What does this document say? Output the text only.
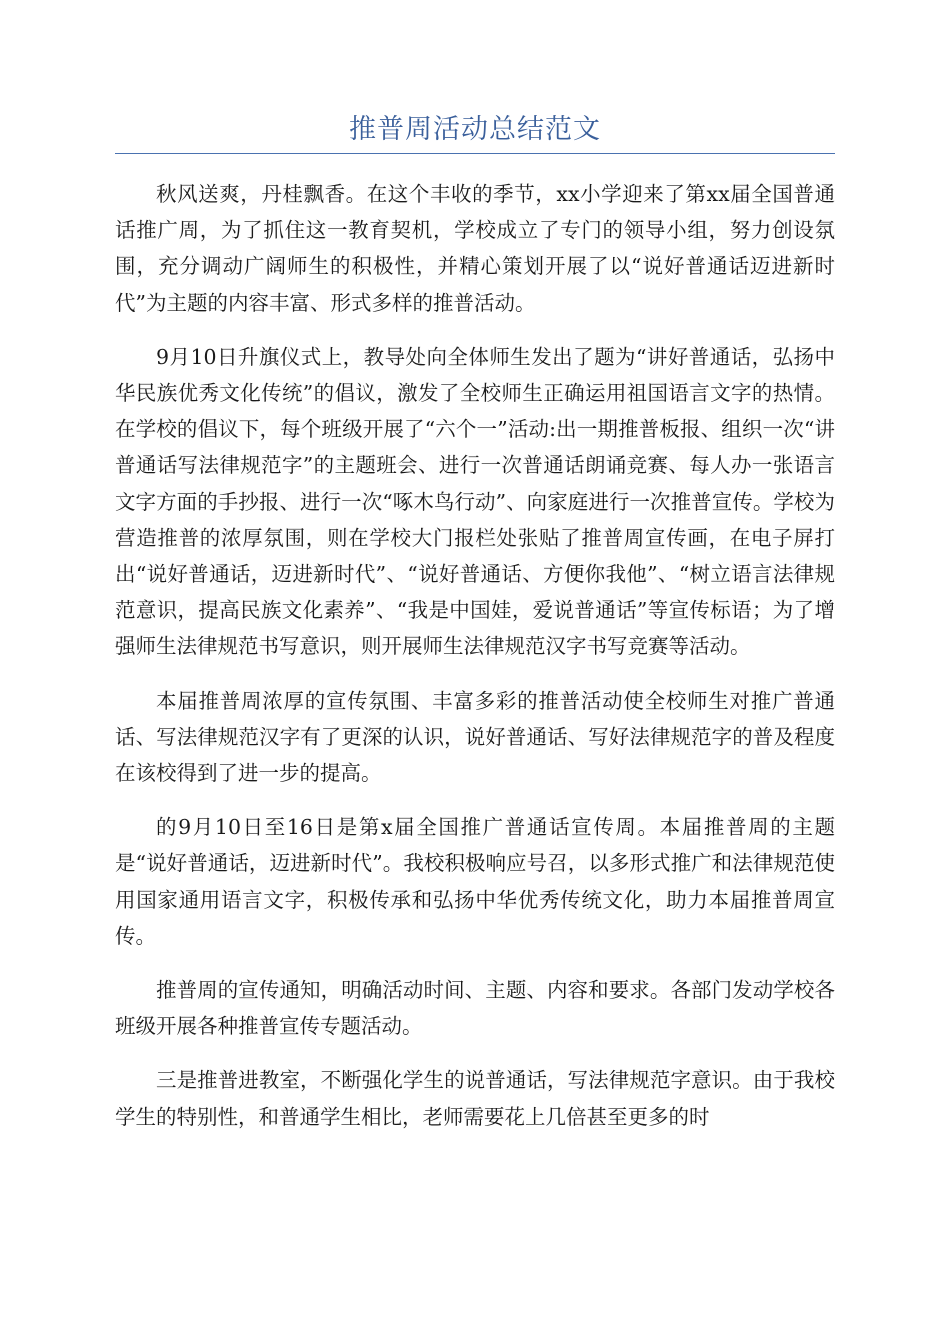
推普周活动总结范文

秋风送爽，丹桂飘香。在这个丰收的季节，xx小学迎来了第xx届全国普通话推广周，为了抓住这一教育契机，学校成立了专门的领导小组，努力创设氛围，充分调动广阔师生的积极性，并精心策划开展了以“说好普通话迈进新时代”为主题的内容丰富、形式多样的推普活动。

9月10日升旗仪式上，教导处向全体师生发出了题为“讲好普通话，弘扬中华民族优秀文化传统”的倡议，激发了全校师生正确运用祖国语言文字的热情。在学校的倡议下，每个班级开展了“六个一”活动:出一期推普板报、组织一次“讲普通话写法律规范字”的主题班会、进行一次普通话朗诵竞赛、每人办一张语言文字方面的手抄报、进行一次“啄木鸟行动”、向家庭进行一次推普宣传。学校为营造推普的浓厚氛围，则在学校大门报栏处张贴了推普周宣传画，在电子屏打出“说好普通话，迈进新时代”、“说好普通话、方便你我他”、“树立语言法律规范意识，提高民族文化素养”、“我是中国娃，爱说普通话”等宣传标语；为了增强师生法律规范书写意识，则开展师生法律规范汉字书写竞赛等活动。

本届推普周浓厚的宣传氛围、丰富多彩的推普活动使全校师生对推广普通话、写法律规范汉字有了更深的认识，说好普通话、写好法律规范字的普及程度在该校得到了进一步的提高。

的9月10日至16日是第x届全国推广普通话宣传周。本届推普周的主题是“说好普通话，迈进新时代”。我校积极响应号召，以多形式推广和法律规范使用国家通用语言文字，积极传承和弘扬中华优秀传统文化，助力本届推普周宣传。

推普周的宣传通知，明确活动时间、主题、内容和要求。各部门发动学校各班级开展各种推普宣传专题活动。

三是推普进教室，不断强化学生的说普通话，写法律规范字意识。由于我校学生的特别性，和普通学生相比，老师需要花上几倍甚至更多的时
